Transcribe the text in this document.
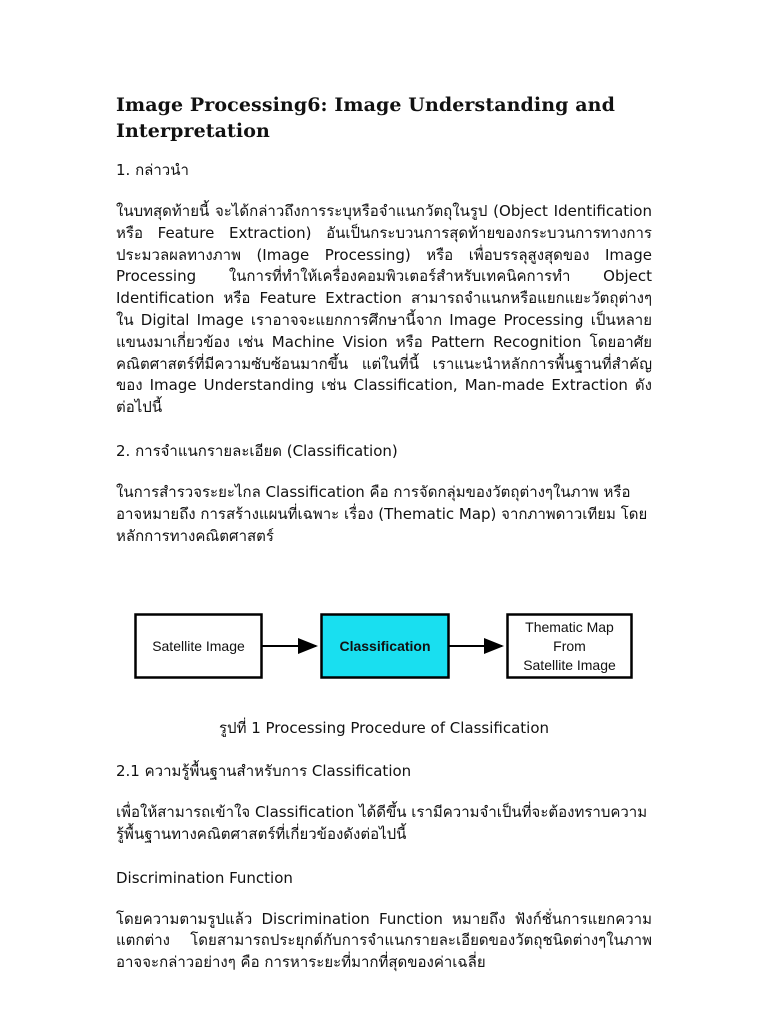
Image Processing6: Image Understanding and Interpretation

1. กล่าวนำ

ในบทสุดท้ายนี้ จะได้กล่าวถึงการระบุหรือจำแนกวัตถุในรูป (Object Identification หรือ Feature Extraction) อันเป็นกระบวนการสุดท้ายของกระบวนการทางการประมวลผลทางภาพ (Image Processing) หรือ เพื่อบรรลุสูงสุดของ Image Processing ในการที่ทำให้เครื่องคอมพิวเตอร์สำหรับเทคนิคการทำ Object Identification หรือ Feature Extraction สามารถจำแนกหรือแยกแยะวัตถุต่างๆ ใน Digital Image เราอาจจะแยกการศึกษานี้จาก Image Processing เป็นหลายแขนงมาเกี่ยวข้อง เช่น Machine Vision หรือ Pattern Recognition โดยอาศัยคณิตศาสตร์ที่มีความซับซ้อนมากขึ้น แต่ในที่นี้ เราแนะนำหลักการพื้นฐานที่สำคัญของ Image Understanding เช่น Classification, Man-made Extraction ดังต่อไปนี้

2. การจำแนกรายละเอียด (Classification)

ในการสำรวจระยะไกล Classification คือ การจัดกลุ่มของวัตถุต่างๆในภาพ หรืออาจหมายถึง การสร้างแผนที่เฉพาะ เรื่อง (Thematic Map) จากภาพดาวเทียม โดยหลักการทางคณิตศาสตร์

Satellite Image	Classification
Thematic Map
From
Satellite Image

รูปที่ 1 Processing Procedure of Classification

2.1 ความรู้พื้นฐานสำหรับการ Classification

เพื่อให้สามารถเข้าใจ Classification ได้ดีขึ้น เรามีความจำเป็นที่จะต้องทราบความรู้พื้นฐานทางคณิตศาสตร์ที่เกี่ยวข้องดังต่อไปนี้

Discrimination Function

โดยความตามรูปแล้ว Discrimination Function หมายถึง ฟังก์ชั่นการแยกความแตกต่าง โดยสามารถประยุกต์กับการจำแนกรายละเอียดของวัตถุชนิดต่างๆในภาพ อาจจะกล่าวอย่างๆ คือ การหาระยะที่มากที่สุดของค่าเฉลี่ย
